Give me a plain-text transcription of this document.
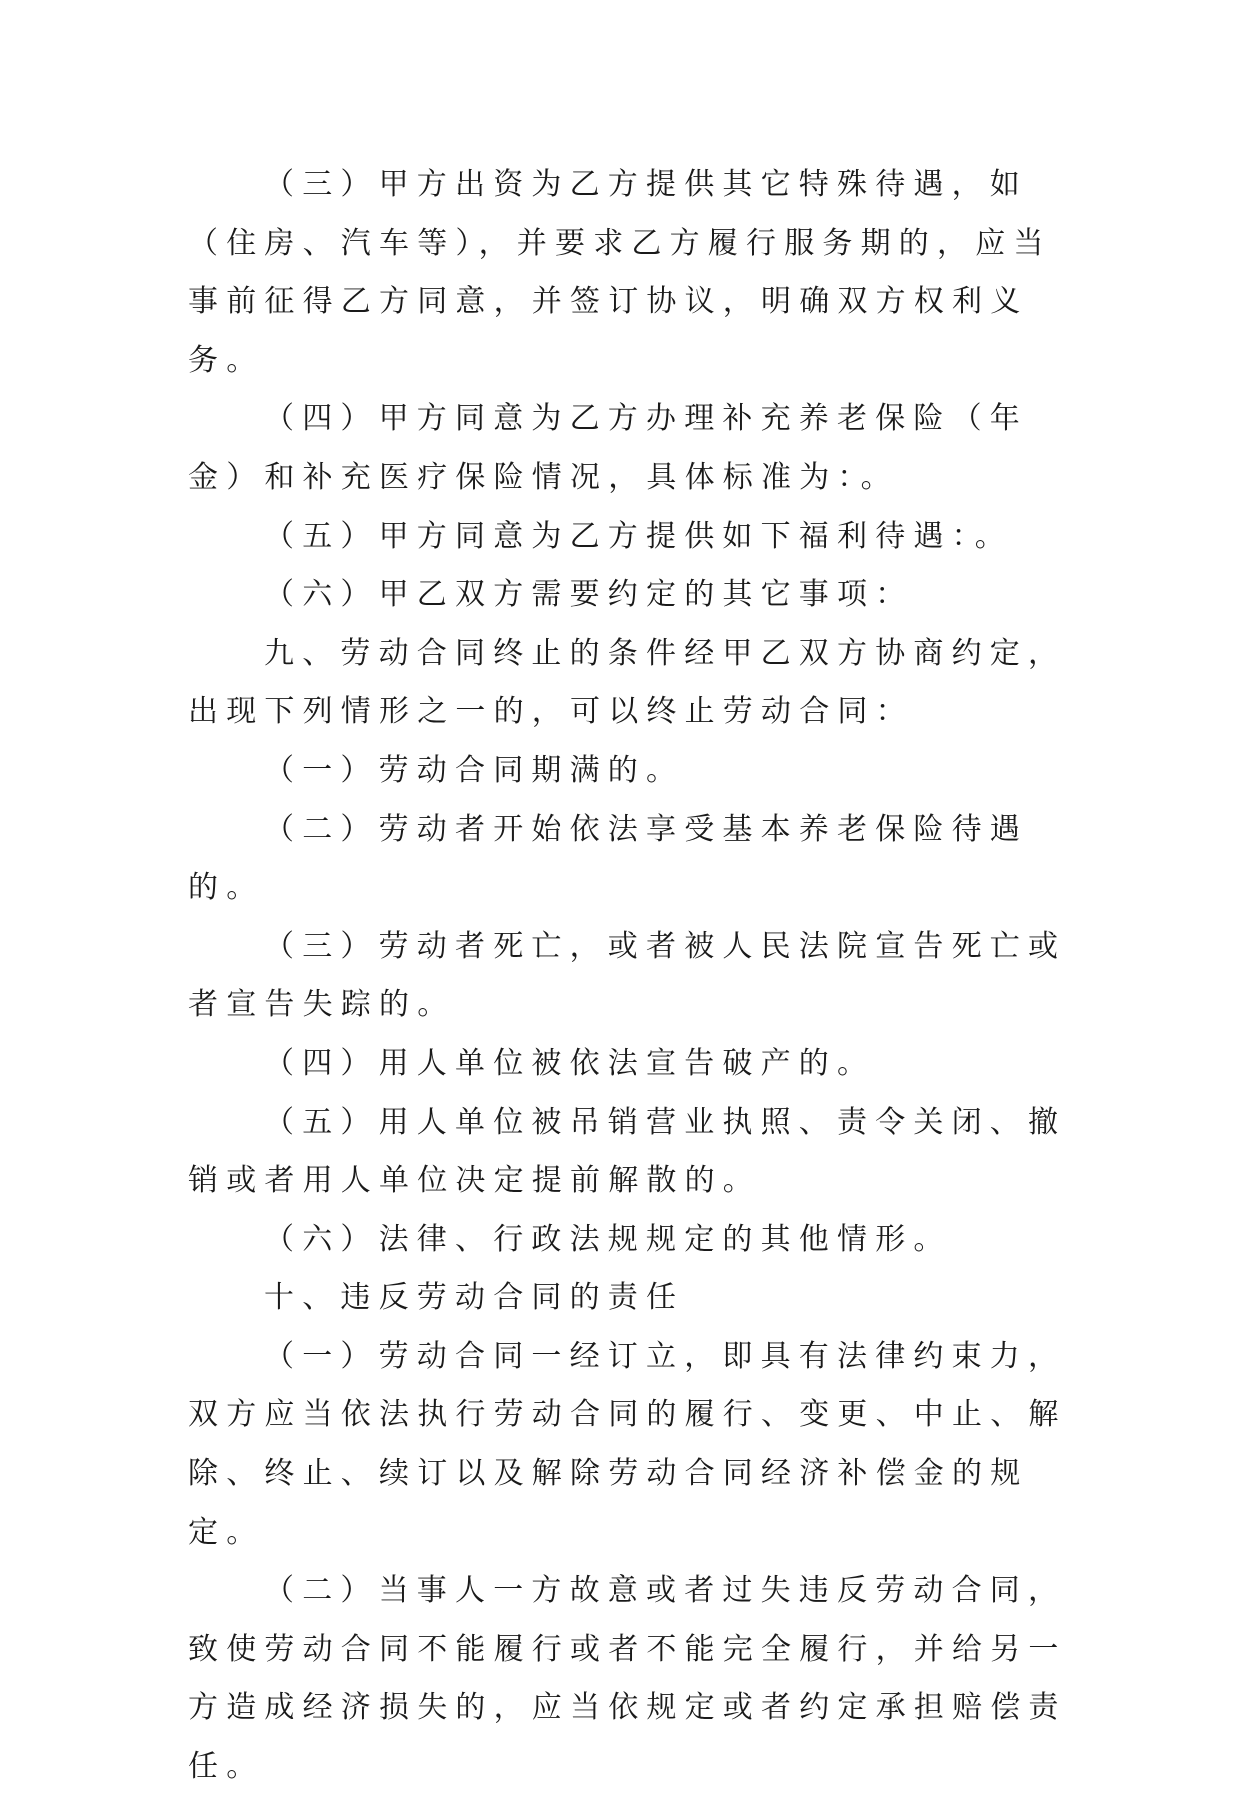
（三）甲方出资为乙方提供其它特殊待遇，如（住房、汽车等），并要求乙方履行服务期的，应当事前征得乙方同意，并签订协议，明确双方权利义务。

（四）甲方同意为乙方办理补充养老保险（年金）和补充医疗保险情况，具体标准为：。

（五）甲方同意为乙方提供如下福利待遇：。

（六）甲乙双方需要约定的其它事项：

九、劳动合同终止的条件经甲乙双方协商约定，出现下列情形之一的，可以终止劳动合同：

（一）劳动合同期满的。

（二）劳动者开始依法享受基本养老保险待遇的。

（三）劳动者死亡，或者被人民法院宣告死亡或者宣告失踪的。

（四）用人单位被依法宣告破产的。

（五）用人单位被吊销营业执照、责令关闭、撤销或者用人单位决定提前解散的。

（六）法律、行政法规规定的其他情形。

十、违反劳动合同的责任

（一）劳动合同一经订立，即具有法律约束力，双方应当依法执行劳动合同的履行、变更、中止、解除、终止、续订以及解除劳动合同经济补偿金的规定。

（二）当事人一方故意或者过失违反劳动合同，致使劳动合同不能履行或者不能完全履行，并给另一方造成经济损失的，应当依规定或者约定承担赔偿责任。
